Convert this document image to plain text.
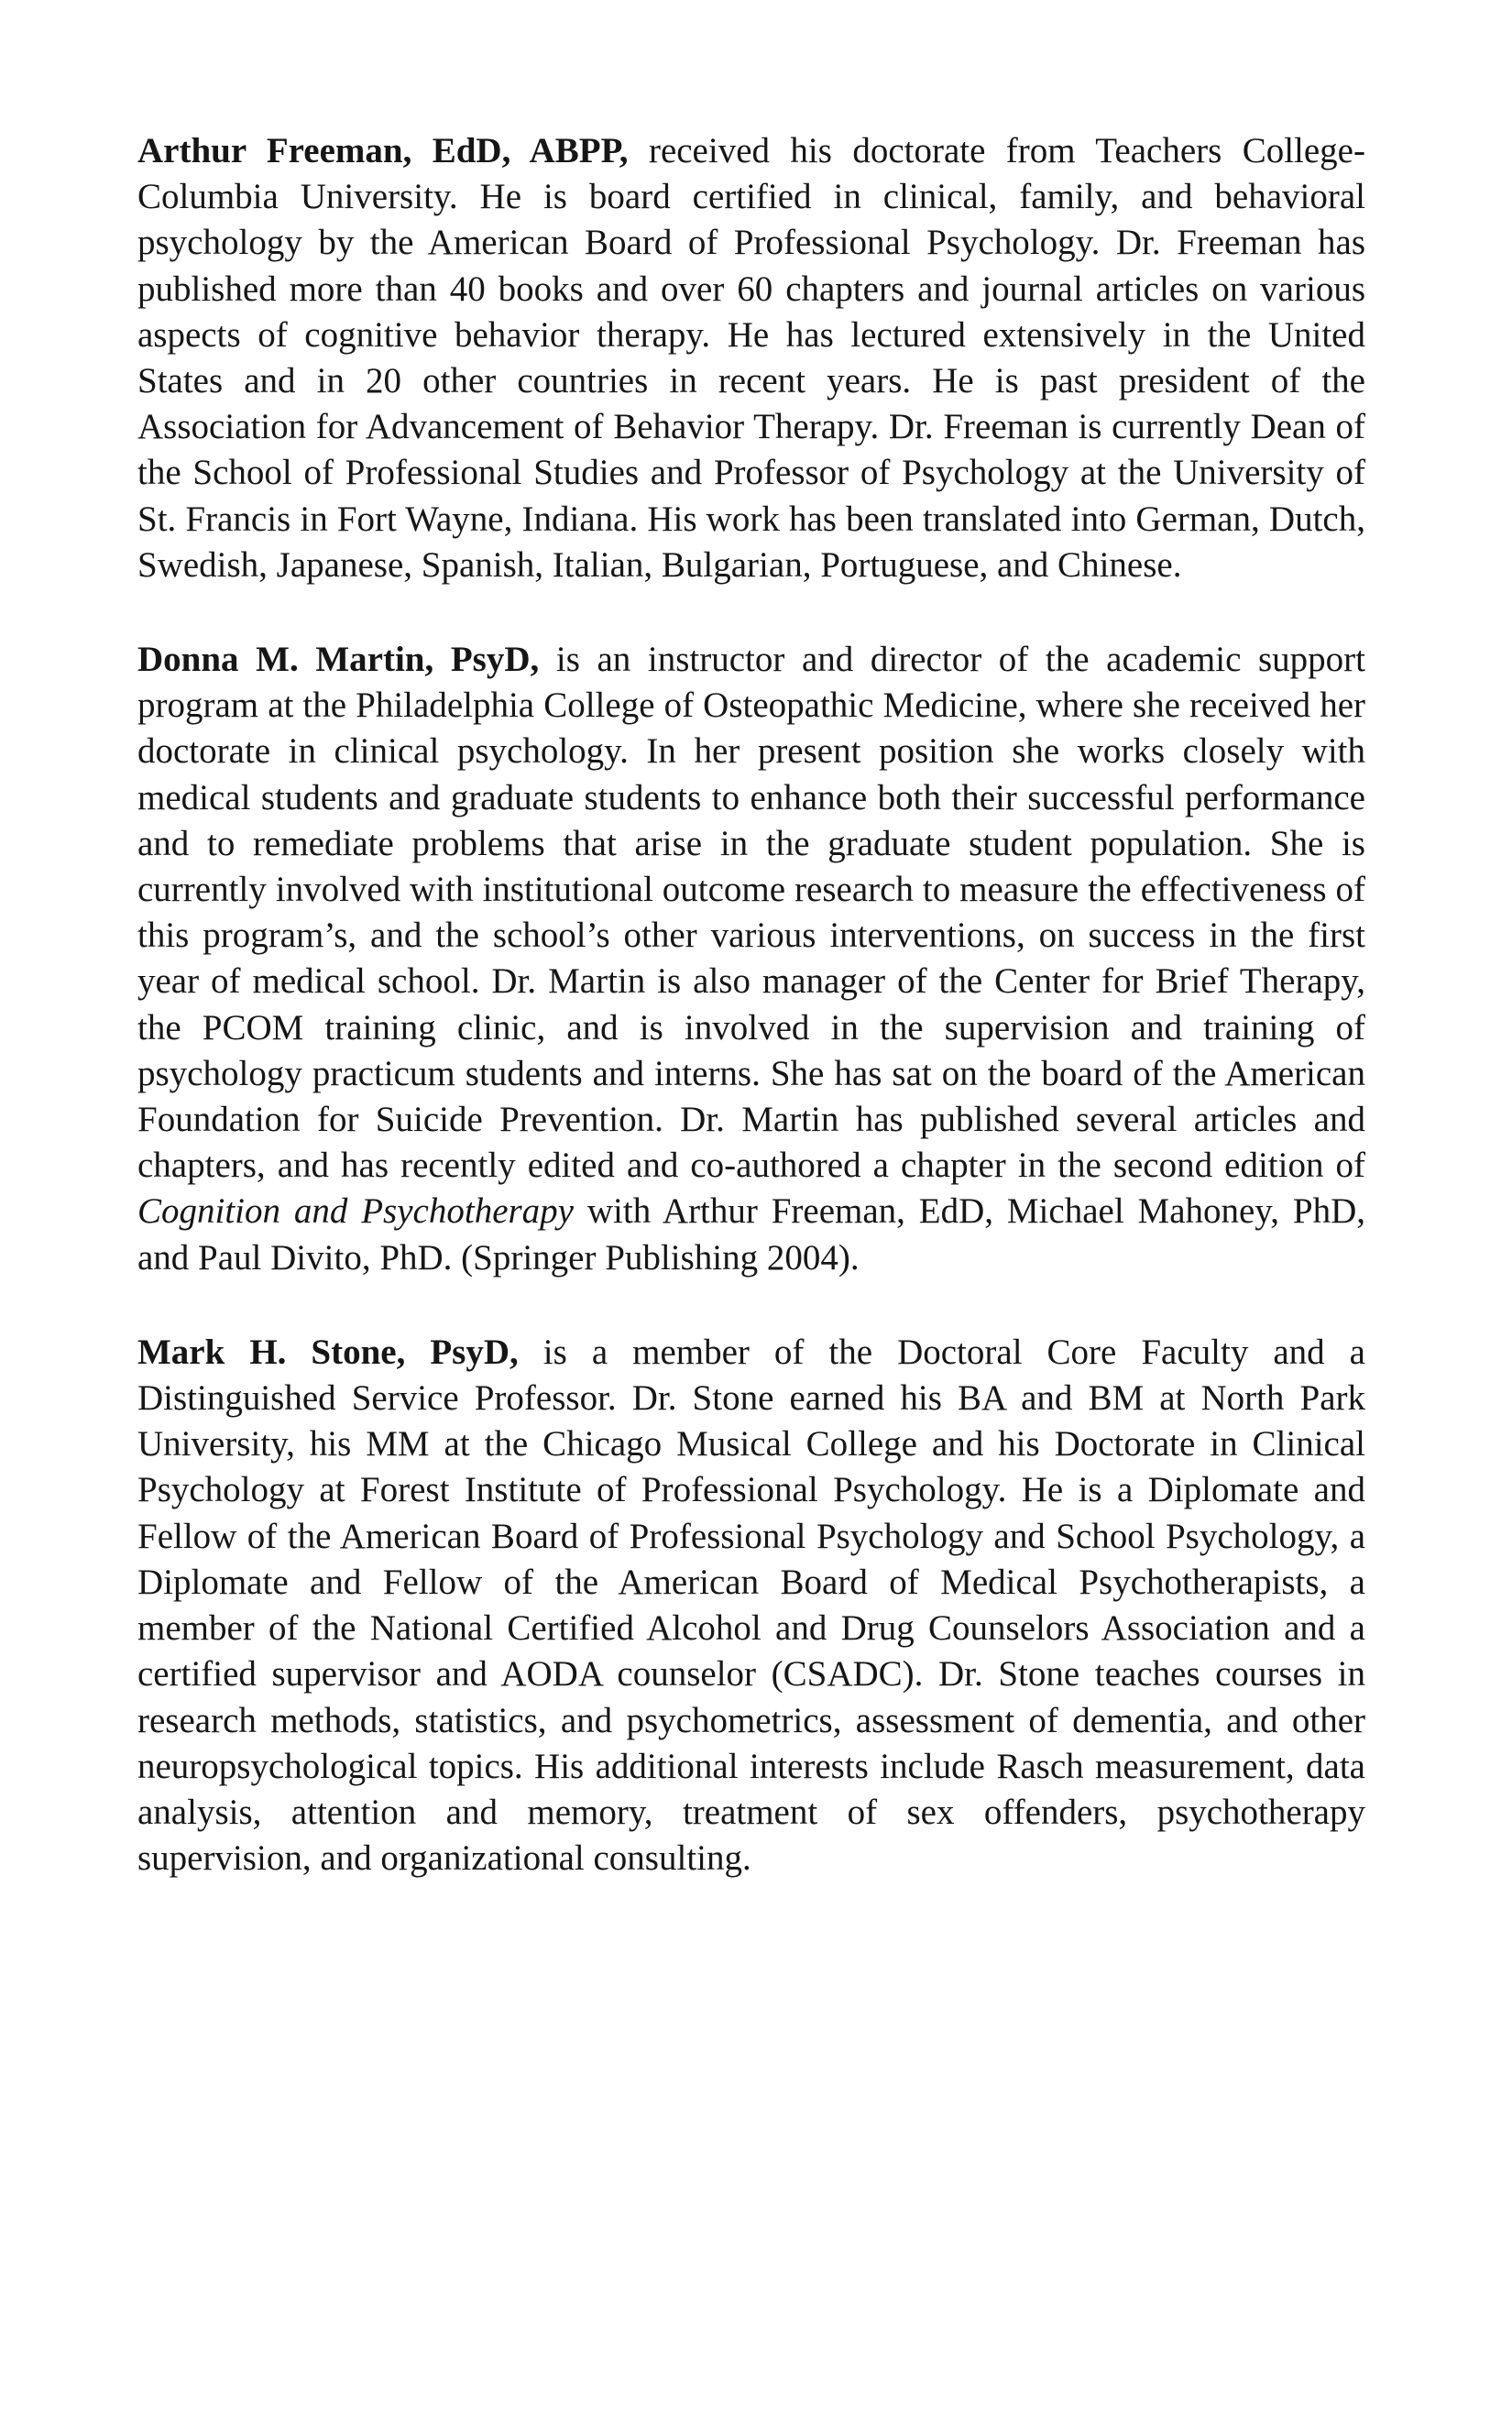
Arthur Freeman, EdD, ABPP, received his doctorate from Teachers College-Columbia University. He is board certified in clinical, family, and behavioral psychology by the American Board of Professional Psychology. Dr. Freeman has published more than 40 books and over 60 chapters and journal articles on various aspects of cognitive behavior therapy. He has lectured extensively in the United States and in 20 other countries in recent years. He is past president of the Association for Advancement of Behavior Therapy. Dr. Freeman is currently Dean of the School of Professional Studies and Professor of Psychology at the University of St. Francis in Fort Wayne, Indiana. His work has been translated into German, Dutch, Swedish, Japanese, Spanish, Italian, Bulgarian, Portuguese, and Chinese.

Donna M. Martin, PsyD, is an instructor and director of the academic support program at the Philadelphia College of Osteopathic Medicine, where she received her doctorate in clinical psychology. In her present position she works closely with medical students and graduate students to enhance both their successful performance and to remediate problems that arise in the graduate student population. She is currently involved with institutional outcome research to measure the effectiveness of this program’s, and the school’s other various interventions, on success in the first year of medical school. Dr. Martin is also manager of the Center for Brief Therapy, the PCOM training clinic, and is involved in the supervision and training of psychology practicum students and interns. She has sat on the board of the American Foundation for Suicide Prevention. Dr. Martin has published several articles and chapters, and has recently edited and co-authored a chapter in the second edition of Cognition and Psychotherapy with Arthur Freeman, EdD, Michael Mahoney, PhD, and Paul Divito, PhD. (Springer Publishing 2004).

Mark H. Stone, PsyD, is a member of the Doctoral Core Faculty and a Distinguished Service Professor. Dr. Stone earned his BA and BM at North Park University, his MM at the Chicago Musical College and his Doctorate in Clinical Psychology at Forest Institute of Professional Psychology. He is a Diplomate and Fellow of the American Board of Professional Psychology and School Psychology, a Diplomate and Fellow of the American Board of Medical Psychotherapists, a member of the National Certified Alcohol and Drug Counselors Association and a certified supervisor and AODA counselor (CSADC). Dr. Stone teaches courses in research methods, statistics, and psychometrics, assessment of dementia, and other neuropsychological topics. His additional interests include Rasch measurement, data analysis, attention and memory, treatment of sex offenders, psychotherapy supervision, and organizational consulting.
